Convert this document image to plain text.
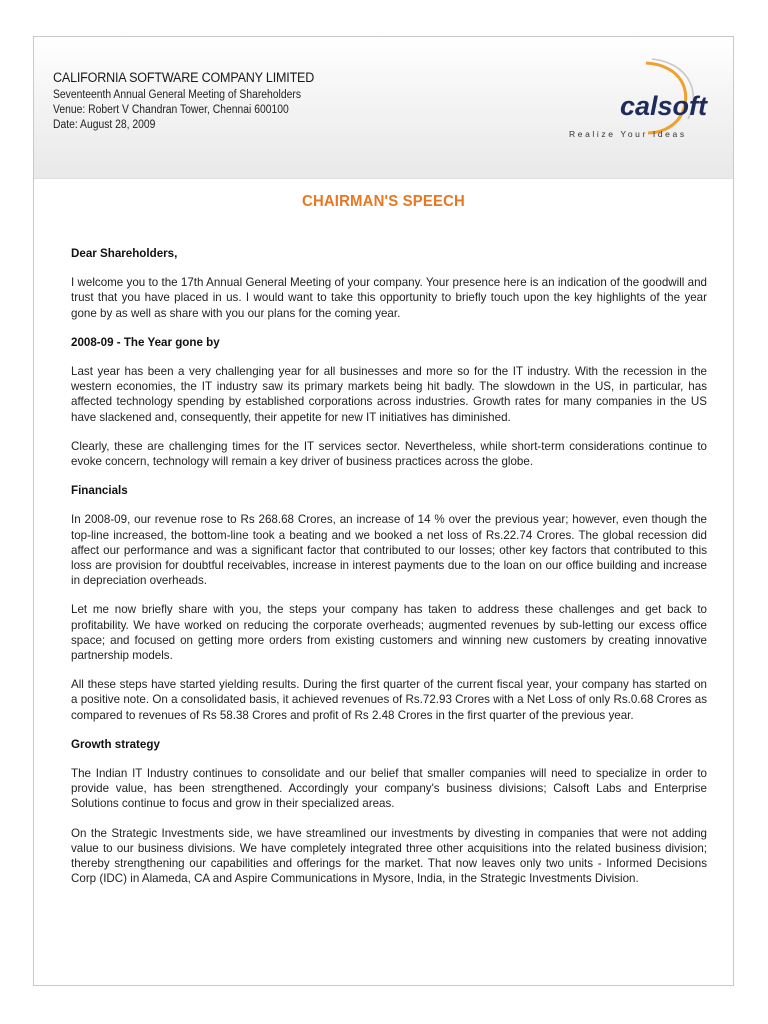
CALIFORNIA SOFTWARE COMPANY LIMITED
Seventeenth Annual General Meeting of Shareholders
Venue: Robert V Chandran Tower, Chennai 600100
Date: August 28, 2009
calsoft
Realize Your Ideas
CHAIRMAN'S SPEECH

Dear Shareholders,

I welcome you to the 17th Annual General Meeting of your company. Your presence here is an indication of the goodwill and trust that you have placed in us. I would want to take this opportunity to briefly touch upon the key highlights of the year gone by as well as share with you our plans for the coming year.

2008-09 - The Year gone by

Last year has been a very challenging year for all businesses and more so for the IT industry. With the recession in the western economies, the IT industry saw its primary markets being hit badly. The slowdown in the US, in particular, has affected technology spending by established corporations across industries. Growth rates for many companies in the US have slackened and, consequently, their appetite for new IT initiatives has diminished.

Clearly, these are challenging times for the IT services sector. Nevertheless, while short-term considerations continue to evoke concern, technology will remain a key driver of business practices across the globe.

Financials

In 2008-09, our revenue rose to Rs 268.68 Crores, an increase of 14 % over the previous year; however, even though the top-line increased, the bottom-line took a beating and we booked a net loss of Rs.22.74 Crores. The global recession did affect our performance and was a significant factor that contributed to our losses; other key factors that contributed to this loss are provision for doubtful receivables, increase in interest payments due to the loan on our office building and increase in depreciation overheads.

Let me now briefly share with you, the steps your company has taken to address these challenges and get back to profitability. We have worked on reducing the corporate overheads; augmented revenues by sub-letting our excess office space; and focused on getting more orders from existing customers and winning new customers by creating innovative partnership models.

All these steps have started yielding results. During the first quarter of the current fiscal year, your company has started on a positive note. On a consolidated basis, it achieved revenues of Rs.72.93 Crores with a Net Loss of only Rs.0.68 Crores as compared to revenues of Rs 58.38 Crores and profit of Rs 2.48 Crores in the first quarter of the previous year.

Growth strategy

The Indian IT Industry continues to consolidate and our belief that smaller companies will need to specialize in order to provide value, has been strengthened. Accordingly your company's business divisions; Calsoft Labs and Enterprise Solutions continue to focus and grow in their specialized areas.

On the Strategic Investments side, we have streamlined our investments by divesting in companies that were not adding value to our business divisions. We have completely integrated three other acquisitions into the related business division; thereby strengthening our capabilities and offerings for the market. That now leaves only two units - Informed Decisions Corp (IDC) in Alameda, CA and Aspire Communications in Mysore, India, in the Strategic Investments Division.
